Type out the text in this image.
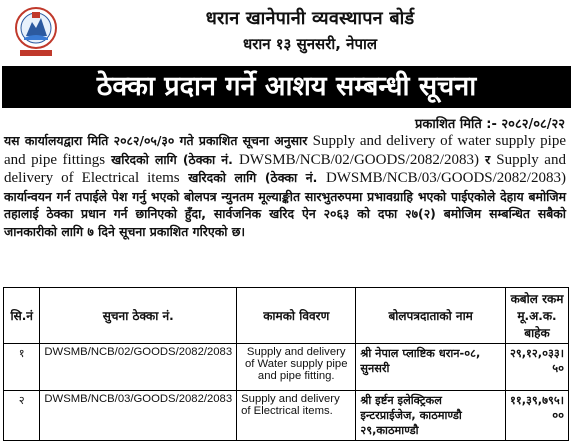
धरान खानेपानी व्यवस्थापन बोर्ड
धरान १३ सुनसरी, नेपाल
ठेक्का प्रदान गर्ने आशय सम्बन्धी सूचना
प्रकाशित मिति :- २०८२/०८/२२
यस कार्यालयद्वारा मिति २०८२/०५/३० गते प्रकाशित सूचना अनुसार Supply and delivery of water supply pipe and pipe fittings खरिदको लागि (ठेक्का नं. DWSMB/NCB/02/GOODS/2082/2083) र Supply and delivery of Electrical items खरिदको लागि (ठेक्का नं. DWSMB/NCB/03/GOODS/2082/2083) कार्यान्वयन गर्न तपाईले पेश गर्नु भएको बोलपत्र न्युनतम मूल्याङ्कीत सारभुतरुपमा प्रभावग्राहि भएको पाईएकोले देहाय बमोजिम तहालाई ठेक्का प्रधान गर्न छानिएको हुँदा, सार्वजनिक खरिद ऐन २०६३ को दफा २७(२) बमोजिम सम्बन्धित सबैको जानकारीको लागि ७ दिने सूचना प्रकाशित गरिएको छ।
सि.नं	सुचना ठेक्का नं.	कामको विवरण	बोलपत्रदाताको नाम	कबोल रकम मू.अ.क. बाहेक
१	DWSMB/NCB/02/GOODS/2082/2083	Supply and delivery of Water supply pipe and pipe fitting.	श्री नेपाल प्लाष्टिक धरान-०८, सुनसरी	२९,१२,०३३।५०
२	DWSMB/NCB/03/GOODS/2082/2083	Supply and delivery of Electrical items.	श्री इर्ष्टन इलेक्ट्रिकल इन्टरप्राईजेज, काठमाण्डौ २९,काठमाण्डौ	११,३९,७९५।००
